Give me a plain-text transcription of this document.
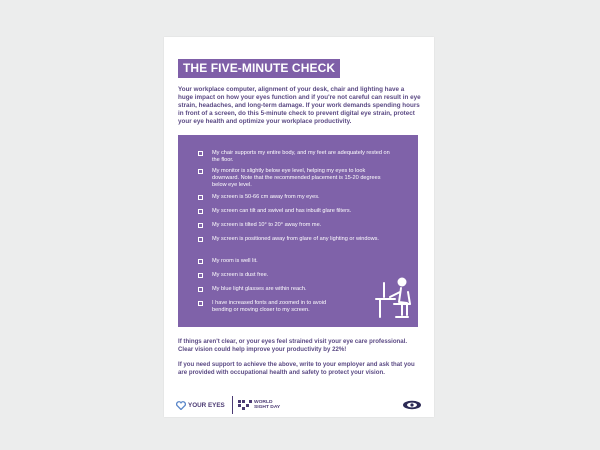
THE FIVE-MINUTE CHECK
Your workplace computer, alignment of your desk, chair and lighting have a huge impact on how your eyes function and if you're not careful can result in eye strain, headaches, and long-term damage. If your work demands spending hours in front of a screen, do this 5-minute check to prevent digital eye strain, protect your eye health and optimize your workplace productivity.
My chair supports my entire body, and my feet are adequately rested on the floor.
My monitor is slightly below eye level, helping my eyes to look downward. Note that the recommended placement is 15-20 degrees below eye level.
My screen is 50-66 cm away from my eyes.
My screen can tilt and swivel and has inbuilt glare filters.
My screen is tilted 10° to 20° away from me.
My screen is positioned away from glare of any lighting or windows.
My room is well lit.
My screen is dust free.
My blue light glasses are within reach.
I have increased fonts and zoomed in to avoid bending or moving closer to my screen.
If things aren't clear, or your eyes feel strained visit your eye care professional. Clear vision could help improve your productivity by 22%!
If you need support to achieve the above, write to your employer and ask that you are provided with occupational health and safety to protect your vision.
YOUR EYES	WORLD
SIGHT DAY
